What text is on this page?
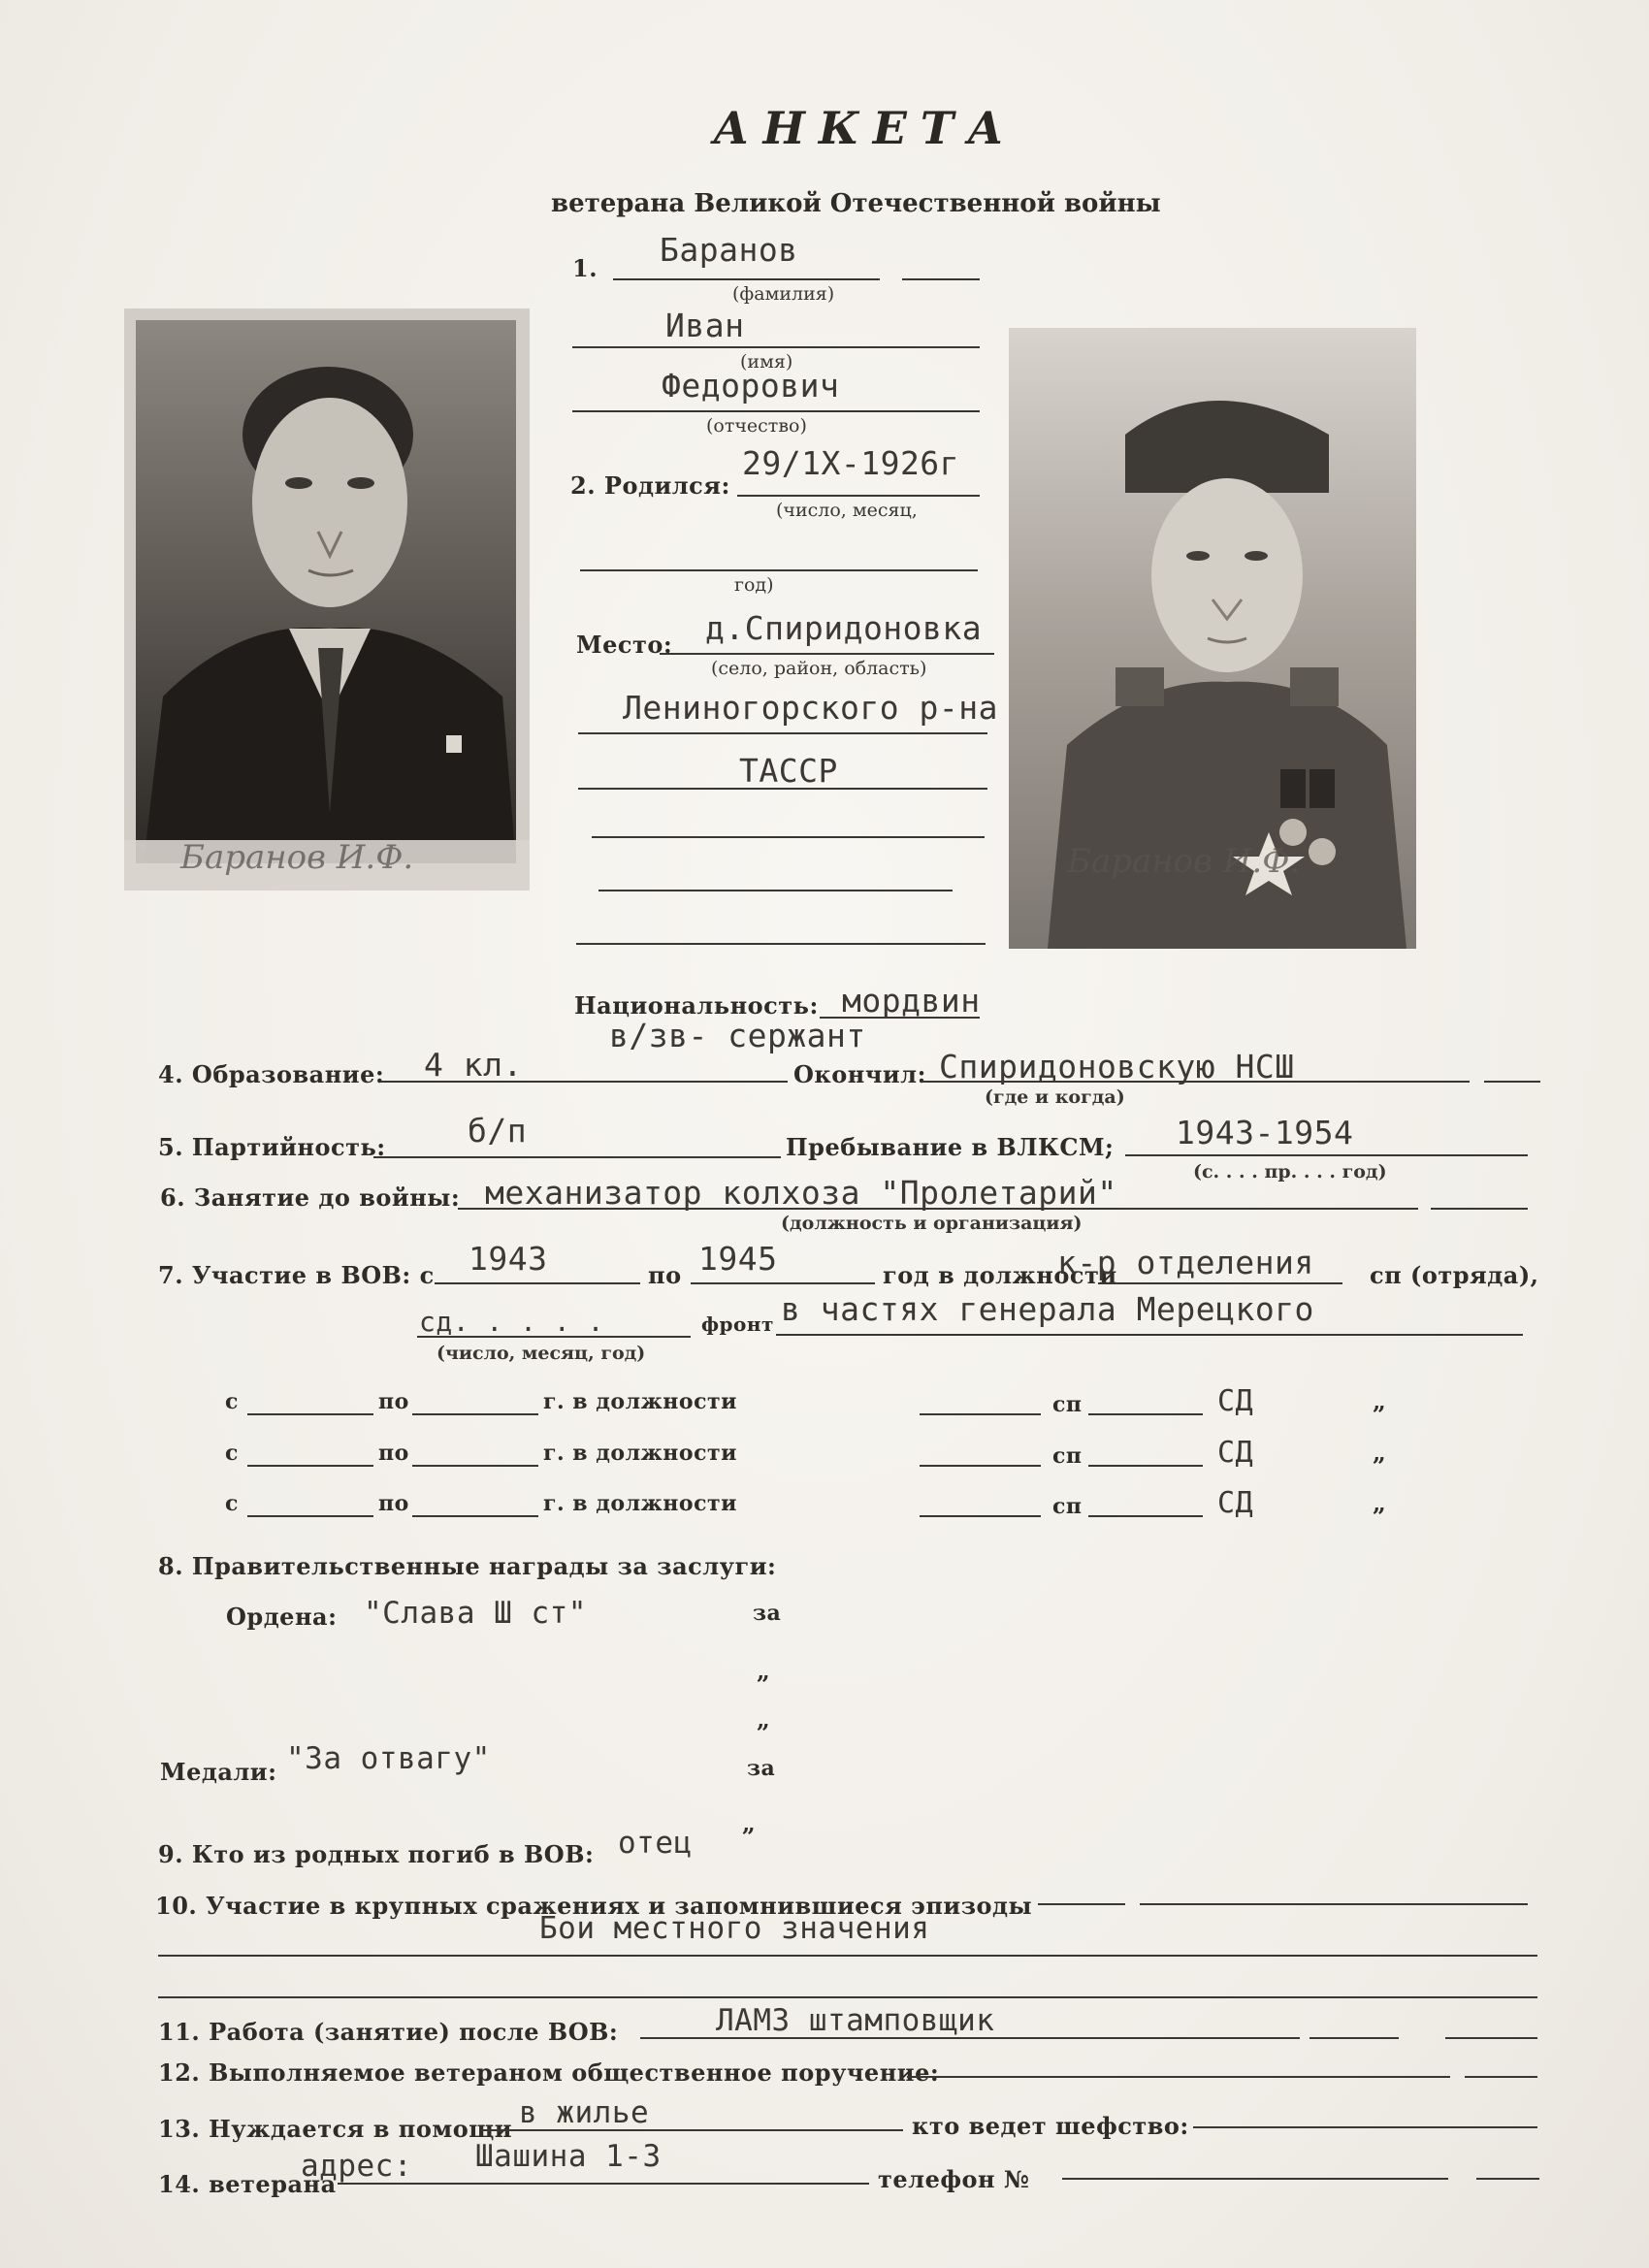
АНКЕТА
ветерана Великой Отечественной войны
Баранов И.Ф.	Баранов И.Ф.
1. Баранов
(фамилия)
Иван
(имя)
Федорович
(отчество)
2. Родился:
29/1Х-1926г
(число, месяц,
год)
Место: д.Спиридоновка
(село, район, область)
Лениногорского р-на
ТАССР
Национальность: мордвин
в/зв- сержант
4. Образование: 4 кл.	Окончил: Спиридоновскую НСШ
(где и когда)
5. Партийность:	б/п	Пребывание в ВЛКСМ; 1943-1954
(с. . . . пр. . . . год)
6. Занятие до войны: механизатор колхоза "Пролетарий"
(должность и организация)
7. Участие в ВОВ: с 1943	по 1945	год в должности
к-р отделения сп (отряда),
сд. . . . .	фронт в частях генерала Мерецкого
(число, месяц, год)
с	по	г. в должности	сп	СД	„
с	по	г. в должности	сп	СД	„
с	по	г. в должности	сп	СД	„
8. Правительственные награды за заслуги:
Ордена: "Слава Ш ст"	за
„
„
Медали: "За отвагу"	за
„
9. Кто из родных погиб в ВОВ: отец
10. Участие в крупных сражениях и запомнившиеся эпизоды
Бои местного значения
11. Работа (занятие) после ВОВ:	ЛАМЗ штамповщик
12. Выполняемое ветераном общественное поручение:
13. Нуждается в помощи в жилье	кто ведет шефство:
14. ветерана
адрес: Шашина 1-3
телефон №
